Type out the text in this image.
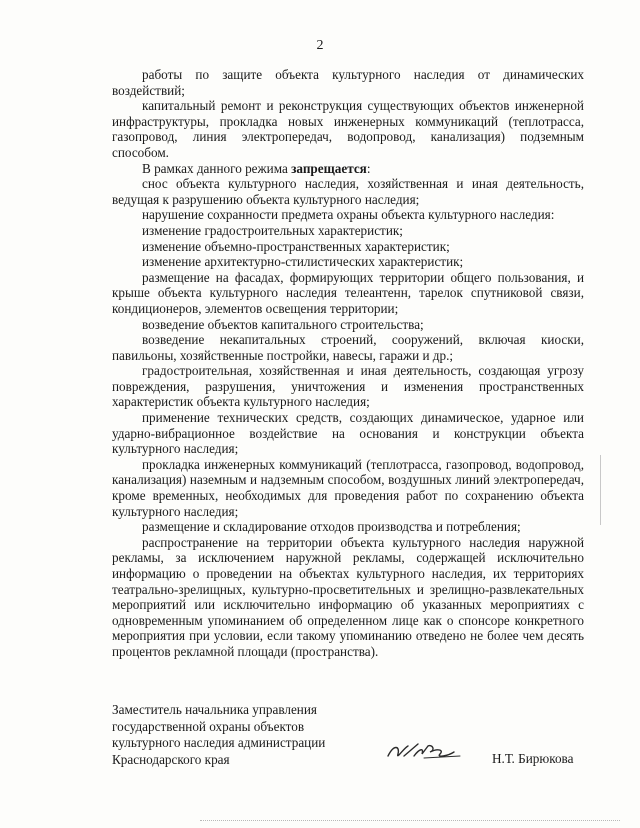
2

работы по защите объекта культурного наследия от динамических воздействий;

капитальный ремонт и реконструкция существующих объектов инженерной инфраструктуры, прокладка новых инженерных коммуникаций (теплотрасса, газопровод, линия электропередач, водопровод, канализация) подземным способом.

В рамках данного режима запрещается:

снос объекта культурного наследия, хозяйственная и иная деятельность, ведущая к разрушению объекта культурного наследия;

нарушение сохранности предмета охраны объекта культурного наследия:

изменение градостроительных характеристик;

изменение объемно-пространственных характеристик;

изменение архитектурно-стилистических характеристик;

размещение на фасадах, формирующих территории общего пользования, и крыше объекта культурного наследия телеантенн, тарелок спутниковой связи, кондиционеров, элементов освещения территории;

возведение объектов капитального строительства;

возведение некапитальных строений, сооружений, включая киоски, павильоны, хозяйственные постройки, навесы, гаражи и др.;

градостроительная, хозяйственная и иная деятельность, создающая угрозу повреждения, разрушения, уничтожения и изменения пространственных характеристик объекта культурного наследия;

применение технических средств, создающих динамическое, ударное или ударно-вибрационное воздействие на основания и конструкции объекта культурного наследия;

прокладка инженерных коммуникаций (теплотрасса, газопровод, водопровод, канализация) наземным и надземным способом, воздушных линий электропередач, кроме временных, необходимых для проведения работ по сохранению объекта культурного наследия;

размещение и складирование отходов производства и потребления;

распространение на территории объекта культурного наследия наружной рекламы, за исключением наружной рекламы, содержащей исключительно информацию о проведении на объектах культурного наследия, их территориях театрально-зрелищных, культурно-просветительных и зрелищно-развлекательных мероприятий или исключительно информацию об указанных мероприятиях с одновременным упоминанием об определенном лице как о спонсоре конкретного мероприятия при условии, если такому упоминанию отведено не более чем десять процентов рекламной площади (пространства).

Заместитель начальника управления
государственной охраны объектов
культурного наследия администрации
Краснодарского края	Н.Т. Бирюкова
